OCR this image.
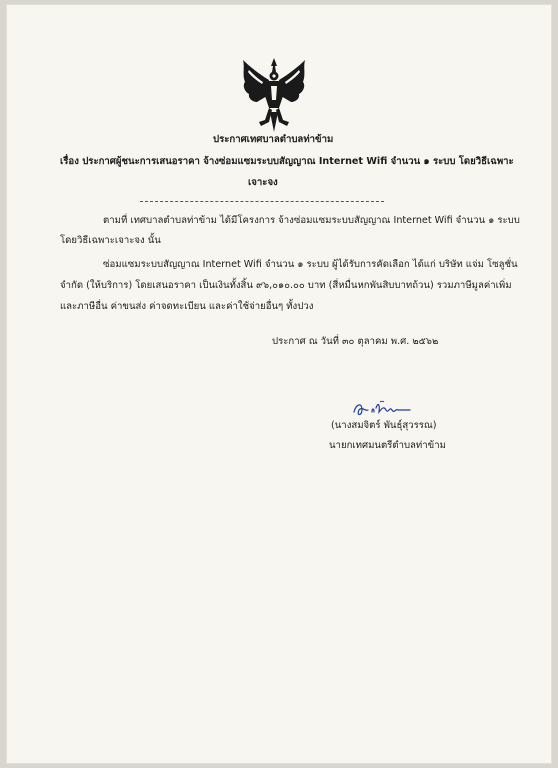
ประกาศเทศบาลตำบลท่าข้าม
เรื่อง ประกาศผู้ชนะการเสนอราคา จ้างซ่อมแซมระบบสัญญาณ Internet Wifi จำนวน ๑ ระบบ โดยวิธีเฉพาะ
เจาะจง
ตามที่ เทศบาลตำบลท่าข้าม ได้มีโครงการ จ้างซ่อมแซมระบบสัญญาณ Internet Wifi จำนวน ๑ ระบบ
โดยวิธีเฉพาะเจาะจง นั้น
ซ่อมแซมระบบสัญญาณ Internet Wifi จำนวน ๑ ระบบ ผู้ได้รับการคัดเลือก ได้แก่ บริษัท แจ่ม โซลูชั่น
จำกัด (ให้บริการ) โดยเสนอราคา เป็นเงินทั้งสิ้น ๙๖,๐๑๐.๐๐ บาท (สี่หมื่นหกพันสิบบาทถ้วน) รวมภาษีมูลค่าเพิ่ม
และภาษีอื่น ค่าขนส่ง ค่าจดทะเบียน และค่าใช้จ่ายอื่นๆ ทั้งปวง
ประกาศ ณ วันที่ ๓๐ ตุลาคม พ.ศ. ๒๕๖๒
(นางสมจิตร์ พันธุ์สุวรรณ)
นายกเทศมนตรีตำบลท่าข้าม
